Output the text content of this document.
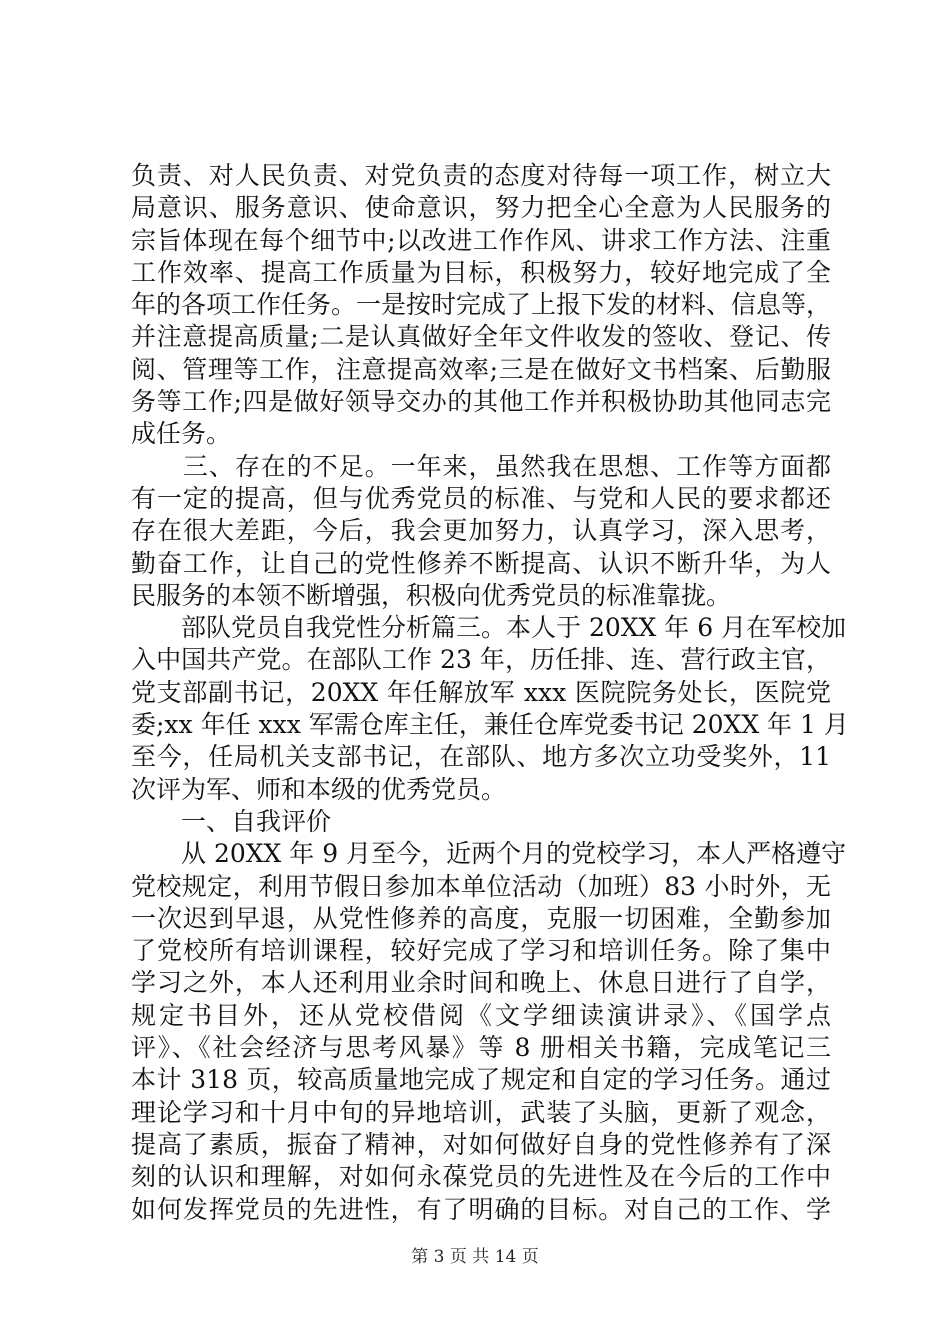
负责、对人民负责、对党负责的态度对待每一项工作，树立大
局意识、服务意识、使命意识，努力把全心全意为人民服务的
宗旨体现在每个细节中;以改进工作作风、讲求工作方法、注重
工作效率、提高工作质量为目标，积极努力，较好地完成了全
年的各项工作任务。一是按时完成了上报下发的材料、信息等，
并注意提高质量;二是认真做好全年文件收发的签收、登记、传
阅、管理等工作，注意提高效率;三是在做好文书档案、后勤服
务等工作;四是做好领导交办的其他工作并积极协助其他同志完
成任务。
　　三、存在的不足。一年来，虽然我在思想、工作等方面都
有一定的提高，但与优秀党员的标准、与党和人民的要求都还
存在很大差距，今后，我会更加努力，认真学习，深入思考，
勤奋工作，让自己的党性修养不断提高、认识不断升华，为人
民服务的本领不断增强，积极向优秀党员的标准靠拢。
　　部队党员自我党性分析篇三。本人于 20XX 年 6 月在军校加
入中国共产党。在部队工作 23 年，历任排、连、营行政主官，
党支部副书记，20XX 年任解放军 xxx 医院院务处长，医院党
委;xx 年任 xxx 军需仓库主任，兼任仓库党委书记 20XX 年 1 月
至今，任局机关支部书记，在部队、地方多次立功受奖外，11
次评为军、师和本级的优秀党员。
　　一、自我评价
　　从 20XX 年 9 月至今，近两个月的党校学习，本人严格遵守
党校规定，利用节假日参加本单位活动（加班）83 小时外，无
一次迟到早退，从党性修养的高度，克服一切困难，全勤参加
了党校所有培训课程，较好完成了学习和培训任务。除了集中
学习之外，本人还利用业余时间和晚上、休息日进行了自学，
规定书目外，还从党校借阅《文学细读演讲录》、《国学点
评》、《社会经济与思考风暴》等 8 册相关书籍，完成笔记三
本计 318 页，较高质量地完成了规定和自定的学习任务。通过
理论学习和十月中旬的异地培训，武装了头脑，更新了观念，
提高了素质，振奋了精神，对如何做好自身的党性修养有了深
刻的认识和理解，对如何永葆党员的先进性及在今后的工作中
如何发挥党员的先进性，有了明确的目标。对自己的工作、学
第 3 页 共 14 页
